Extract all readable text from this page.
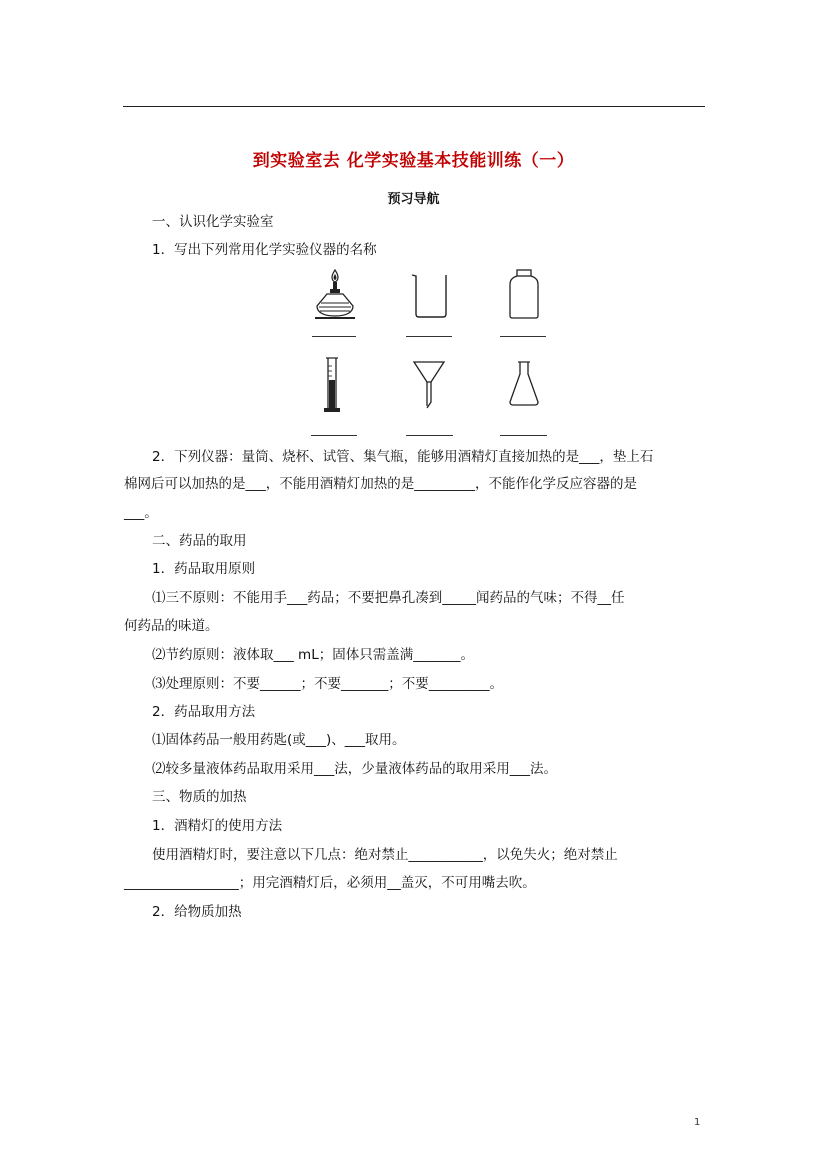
到实验室去 化学实验基本技能训练（一）
预习导航
一、认识化学实验室
1．写出下列常用化学实验仪器的名称
2．下列仪器：量筒、烧杯、试管、集气瓶，能够用酒精灯直接加热的是___，垫上石
棉网后可以加热的是___，不能用酒精灯加热的是_________，不能作化学反应容器的是
___。
二、药品的取用
1．药品取用原则
⑴三不原则：不能用手___药品；不要把鼻孔凑到_____闻药品的气味；不得__任
何药品的味道。
⑵节约原则：液体取___ mL；固体只需盖满_______。
⑶处理原则：不要______；不要_______；不要_________。
2．药品取用方法
⑴固体药品一般用药匙(或___)、___取用。
⑵较多量液体药品取用采用___法，少量液体药品的取用采用___法。
三、物质的加热
1．酒精灯的使用方法
使用酒精灯时，要注意以下几点：绝对禁止___________，以免失火；绝对禁止
_________________；用完酒精灯后，必须用__盖灭，不可用嘴去吹。
2．给物质加热
1
